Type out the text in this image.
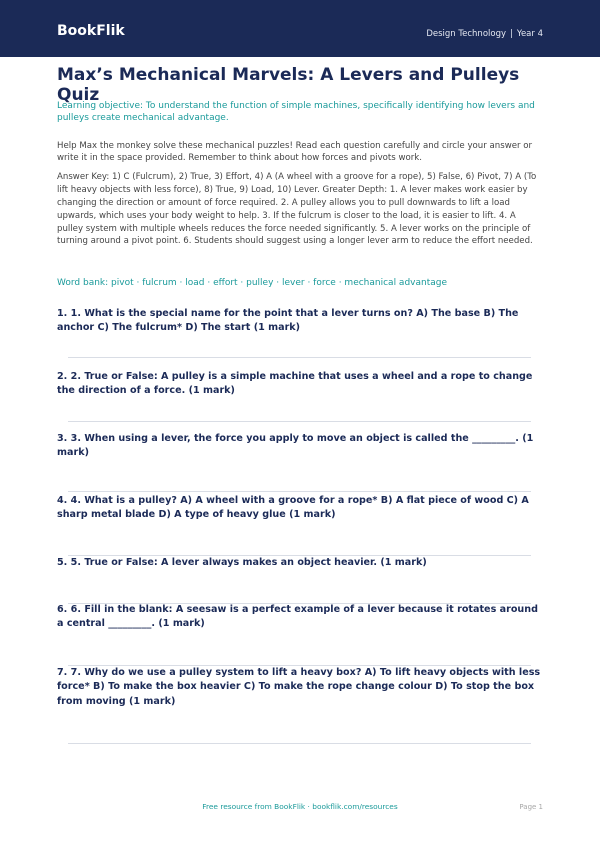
BookFlik	Design Technology | Year 4
Max’s Mechanical Marvels: A Levers and Pulleys Quiz
Learning objective: To understand the function of simple machines, specifically identifying how levers and pulleys create mechanical advantage.
Help Max the monkey solve these mechanical puzzles! Read each question carefully and circle your answer or write it in the space provided. Remember to think about how forces and pivots work.
Answer Key: 1) C (Fulcrum), 2) True, 3) Effort, 4) A (A wheel with a groove for a rope), 5) False, 6) Pivot, 7) A (To lift heavy objects with less force), 8) True, 9) Load, 10) Lever. Greater Depth: 1. A lever makes work easier by changing the direction or amount of force required. 2. A pulley allows you to pull downwards to lift a load upwards, which uses your body weight to help. 3. If the fulcrum is closer to the load, it is easier to lift. 4. A pulley system with multiple wheels reduces the force needed significantly. 5. A lever works on the principle of turning around a pivot point. 6. Students should suggest using a longer lever arm to reduce the effort needed.
Word bank: pivot · fulcrum · load · effort · pulley · lever · force · mechanical advantage
1. 1. What is the special name for the point that a lever turns on? A) The base B) The anchor C) The fulcrum* D) The start (1 mark)
2. 2. True or False: A pulley is a simple machine that uses a wheel and a rope to change the direction of a force. (1 mark)
3. 3. When using a lever, the force you apply to move an object is called the _________. (1 mark)
4. 4. What is a pulley? A) A wheel with a groove for a rope* B) A flat piece of wood C) A sharp metal blade D) A type of heavy glue (1 mark)
5. 5. True or False: A lever always makes an object heavier. (1 mark)
6. 6. Fill in the blank: A seesaw is a perfect example of a lever because it rotates around a central _________. (1 mark)
7. 7. Why do we use a pulley system to lift a heavy box? A) To lift heavy objects with less force* B) To make the box heavier C) To make the rope change colour D) To stop the box from moving (1 mark)
Free resource from BookFlik · bookflik.com/resources	Page 1
